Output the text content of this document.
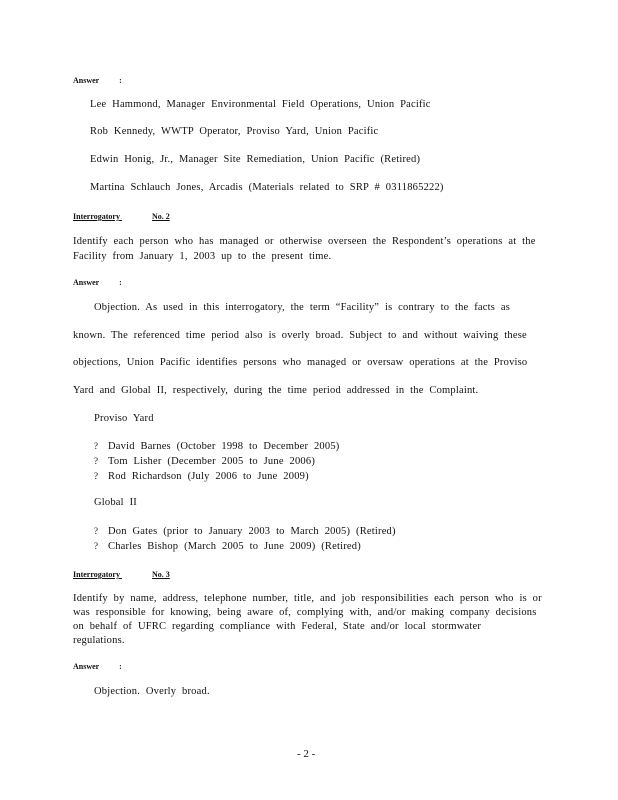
Answer	:
Lee Hammond, Manager Environmental Field Operations, Union Pacific
Rob Kennedy, WWTP Operator, Proviso Yard, Union Pacific
Edwin Honig, Jr., Manager Site Remediation, Union Pacific (Retired)
Martina Schlauch Jones, Arcadis (Materials related to SRP # 0311865222)
Interrogatory	No. 2
Identify each person who has managed or otherwise overseen the Respondent’s operations at the
Facility from January 1, 2003 up to the present time.
Answer	:
Objection. As used in this interrogatory, the term “Facility” is contrary to the facts as
known. The referenced time period also is overly broad. Subject to and without waiving these
objections, Union Pacific identifies persons who managed or oversaw operations at the Proviso
Yard and Global II, respectively, during the time period addressed in the Complaint.
Proviso Yard
? David Barnes (October 1998 to December 2005)
? Tom Lisher (December 2005 to June 2006)
? Rod Richardson (July 2006 to June 2009)
Global II
? Don Gates (prior to January 2003 to March 2005) (Retired)
? Charles Bishop (March 2005 to June 2009) (Retired)
Interrogatory	No. 3
Identify by name, address, telephone number, title, and job responsibilities each person who is or
was responsible for knowing, being aware of, complying with, and/or making company decisions
on behalf of UFRC regarding compliance with Federal, State and/or local stormwater
regulations.
Answer	:
Objection. Overly broad.
- 2 -
